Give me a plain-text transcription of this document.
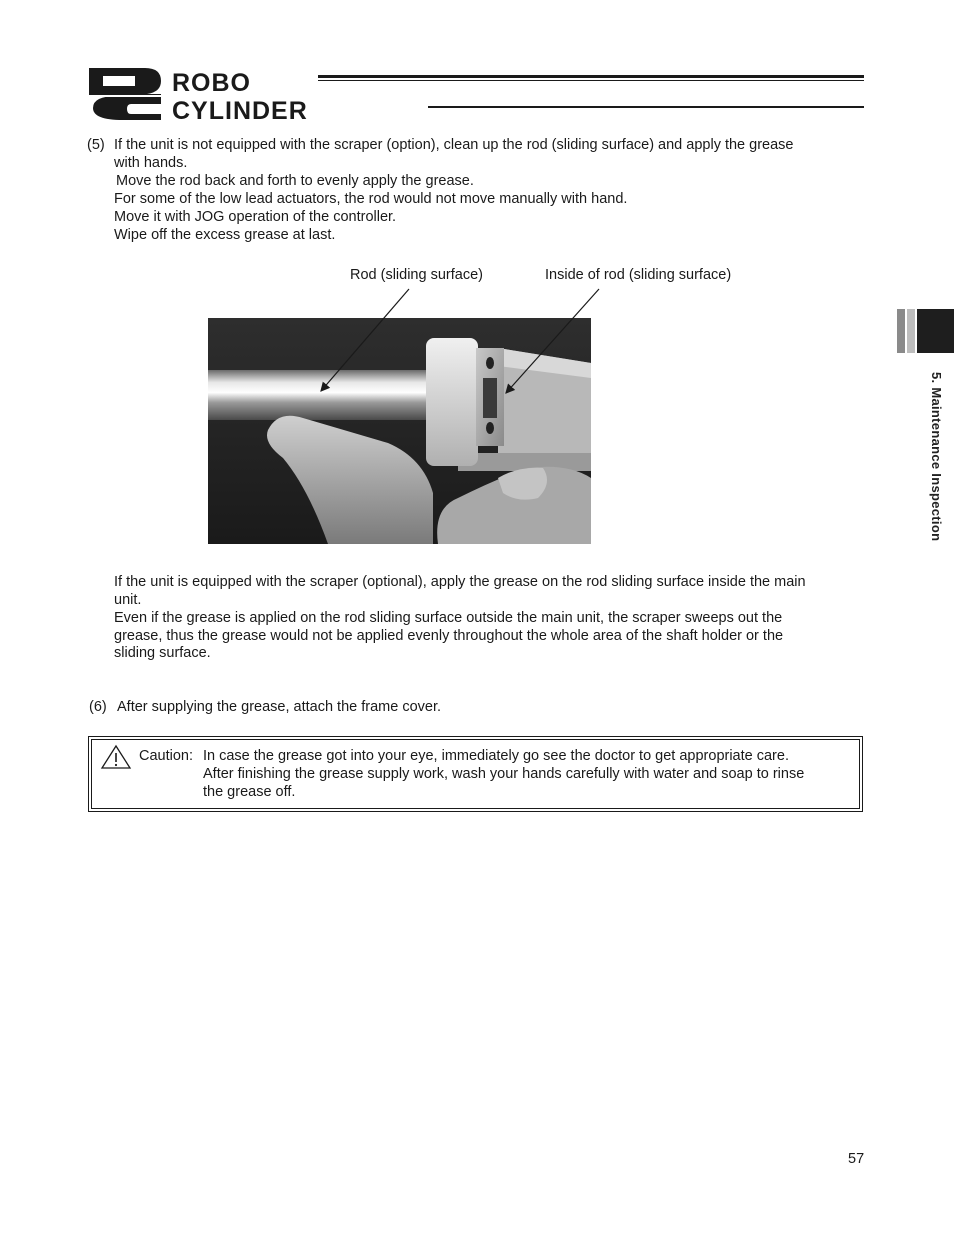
ROBO
CYLINDER
5. Maintenance Inspection
(5) If the unit is not equipped with the scraper (option), clean up the rod (sliding surface) and apply the grease
with hands.
Move the rod back and forth to evenly apply the grease.
For some of the low lead actuators, the rod would not move manually with hand.
Move it with JOG operation of the controller.
Wipe off the excess grease at last.
Rod (sliding surface)	Inside of rod (sliding surface)
If the unit is equipped with the scraper (optional), apply the grease on the rod sliding surface inside the main
unit.
Even if the grease is applied on the rod sliding surface outside the main unit, the scraper sweeps out the
grease, thus the grease would not be applied evenly throughout the whole area of the shaft holder or the
sliding surface.
(6) After supplying the grease, attach the frame cover.
Caution: In case the grease got into your eye, immediately go see the doctor to get appropriate care.
After finishing the grease supply work, wash your hands carefully with water and soap to rinse
the grease off.
57
